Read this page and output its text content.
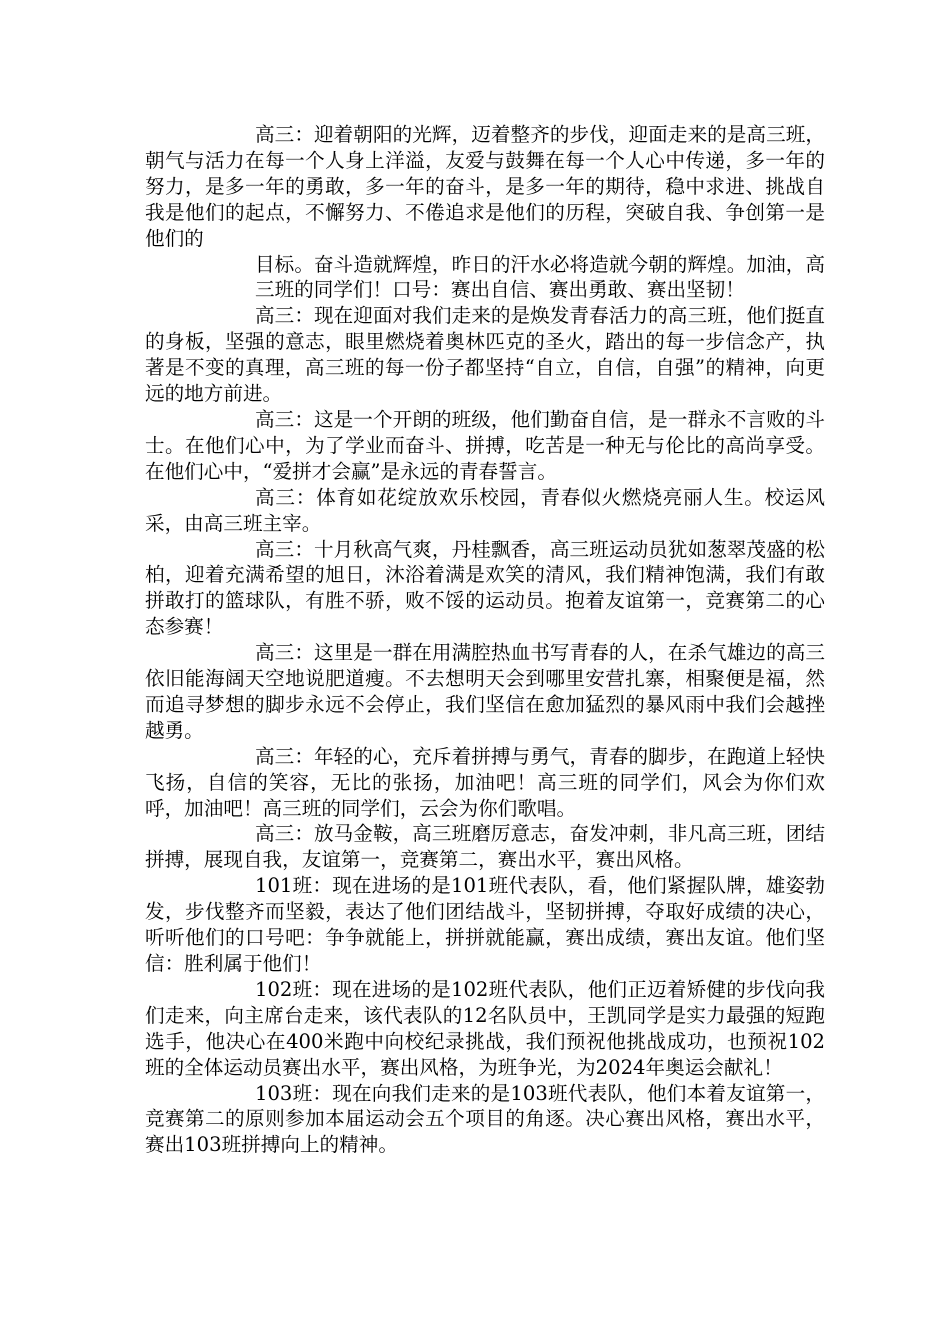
高三：迎着朝阳的光辉，迈着整齐的步伐，迎面走来的是高三班，朝气与活力在每一个人身上洋溢，友爱与鼓舞在每一个人心中传递，多一年的努力，是多一年的勇敢，多一年的奋斗，是多一年的期待，稳中求进、挑战自我是他们的起点，不懈努力、不倦追求是他们的历程，突破自我、争创第一是他们的

目标。奋斗造就辉煌，昨日的汗水必将造就今朝的辉煌。加油，高三班的同学们！口号：赛出自信、赛出勇敢、赛出坚韧！

高三：现在迎面对我们走来的是焕发青春活力的高三班，他们挺直的身板，坚强的意志，眼里燃烧着奥林匹克的圣火，踏出的每一步信念产，执著是不变的真理，高三班的每一份子都坚持“自立，自信，自强”的精神，向更远的地方前进。

高三：这是一个开朗的班级，他们勤奋自信，是一群永不言败的斗士。在他们心中，为了学业而奋斗、拼搏，吃苦是一种无与伦比的高尚享受。在他们心中，“爱拼才会赢”是永远的青春誓言。

高三：体育如花绽放欢乐校园，青春似火燃烧亮丽人生。校运风采，由高三班主宰。

高三：十月秋高气爽，丹桂飘香，高三班运动员犹如葱翠茂盛的松柏，迎着充满希望的旭日，沐浴着满是欢笑的清风，我们精神饱满，我们有敢拼敢打的篮球队，有胜不骄，败不馁的运动员。抱着友谊第一，竞赛第二的心态参赛！

高三：这里是一群在用满腔热血书写青春的人，在杀气雄边的高三依旧能海阔天空地说肥道瘦。不去想明天会到哪里安营扎寨，相聚便是福，然而追寻梦想的脚步永远不会停止，我们坚信在愈加猛烈的暴风雨中我们会越挫越勇。

高三：年轻的心，充斥着拼搏与勇气，青春的脚步，在跑道上轻快飞扬，自信的笑容，无比的张扬，加油吧！高三班的同学们，风会为你们欢呼，加油吧！高三班的同学们，云会为你们歌唱。

高三：放马金鞍，高三班磨厉意志，奋发冲刺，非凡高三班，团结拼搏，展现自我，友谊第一，竞赛第二，赛出水平，赛出风格。

101班：现在进场的是101班代表队，看，他们紧握队牌，雄姿勃发，步伐整齐而坚毅，表达了他们团结战斗，坚韧拼搏，夺取好成绩的决心，听听他们的口号吧：争争就能上，拼拼就能赢，赛出成绩，赛出友谊。他们坚信：胜利属于他们！

102班：现在进场的是102班代表队，他们正迈着矫健的步伐向我们走来，向主席台走来，该代表队的12名队员中，王凯同学是实力最强的短跑选手，他决心在400米跑中向校纪录挑战，我们预祝他挑战成功，也预祝102班的全体运动员赛出水平，赛出风格，为班争光，为2024年奥运会献礼！

103班：现在向我们走来的是103班代表队，他们本着友谊第一，竞赛第二的原则参加本届运动会五个项目的角逐。决心赛出风格，赛出水平，赛出103班拼搏向上的精神。
